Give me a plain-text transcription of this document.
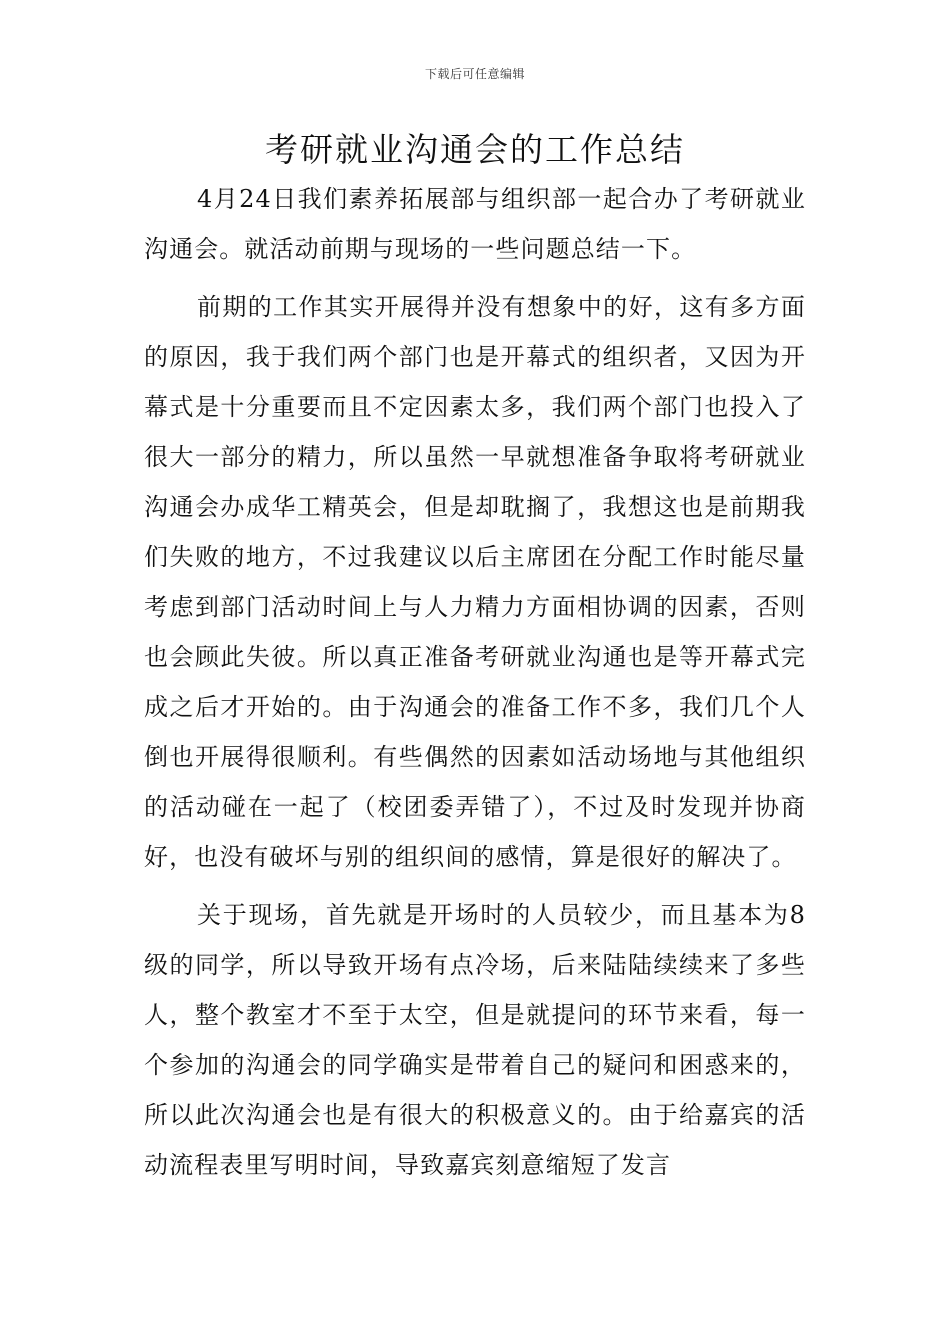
下载后可任意编辑
考研就业沟通会的工作总结

4月24日我们素养拓展部与组织部一起合办了考研就业沟通会。就活动前期与现场的一些问题总结一下。

前期的工作其实开展得并没有想象中的好，这有多方面的原因，我于我们两个部门也是开幕式的组织者，又因为开幕式是十分重要而且不定因素太多，我们两个部门也投入了很大一部分的精力，所以虽然一早就想准备争取将考研就业沟通会办成华工精英会，但是却耽搁了，我想这也是前期我们失败的地方，不过我建议以后主席团在分配工作时能尽量考虑到部门活动时间上与人力精力方面相协调的因素，否则也会顾此失彼。所以真正准备考研就业沟通也是等开幕式完成之后才开始的。由于沟通会的准备工作不多，我们几个人倒也开展得很顺利。有些偶然的因素如活动场地与其他组织的活动碰在一起了（校团委弄错了），不过及时发现并协商好，也没有破坏与别的组织间的感情，算是很好的解决了。

关于现场，首先就是开场时的人员较少，而且基本为8级的同学，所以导致开场有点冷场，后来陆陆续续来了多些人，整个教室才不至于太空，但是就提问的环节来看，每一个参加的沟通会的同学确实是带着自己的疑问和困惑来的，所以此次沟通会也是有很大的积极意义的。由于给嘉宾的活动流程表里写明时间，导致嘉宾刻意缩短了发言
